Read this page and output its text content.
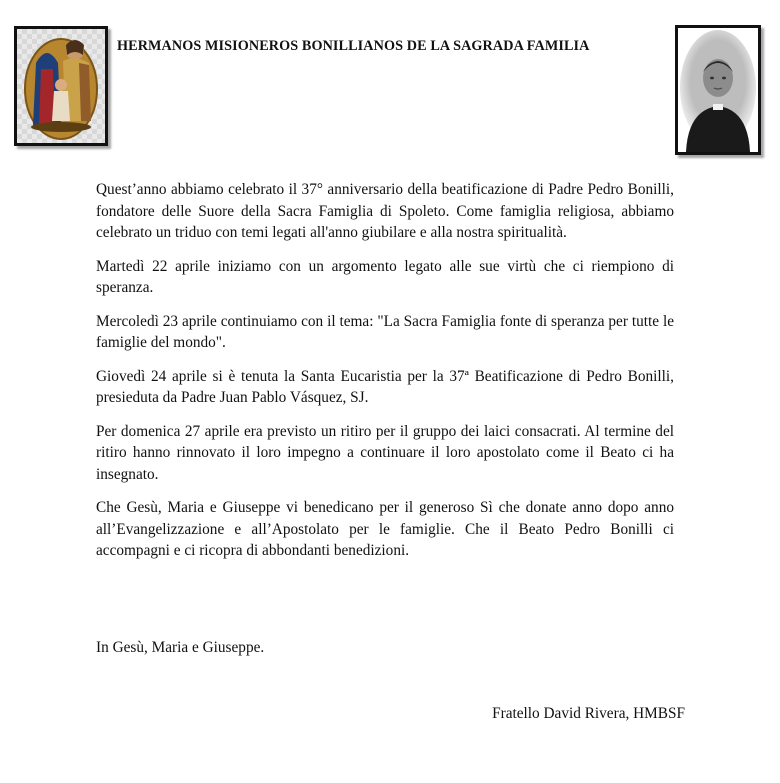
HERMANOS MISIONEROS BONILLIANOS DE LA SAGRADA FAMILIA

Quest’anno abbiamo celebrato il 37° anniversario della beatificazione di Padre Pedro Bonilli, fondatore delle Suore della Sacra Famiglia di Spoleto. Come famiglia religiosa, abbiamo celebrato un triduo con temi legati all'anno giubilare e alla nostra spiritualità.

Martedì 22 aprile iniziamo con un argomento legato alle sue virtù che ci riempiono di speranza.

Mercoledì 23 aprile continuiamo con il tema: "La Sacra Famiglia fonte di speranza per tutte le famiglie del mondo".

Giovedì 24 aprile si è tenuta la Santa Eucaristia per la 37ª Beatificazione di Pedro Bonilli, presieduta da Padre Juan Pablo Vásquez, SJ.

Per domenica 27 aprile era previsto un ritiro per il gruppo dei laici consacrati. Al termine del ritiro hanno rinnovato il loro impegno a continuare il loro apostolato come il Beato ci ha insegnato.

Che Gesù, Maria e Giuseppe vi benedicano per il generoso Sì che donate anno dopo anno all’Evangelizzazione e all’Apostolato per le famiglie. Che il Beato Pedro Bonilli ci accompagni e ci ricopra di abbondanti benedizioni.

In Gesù, Maria e Giuseppe.
Fratello David Rivera, HMBSF
